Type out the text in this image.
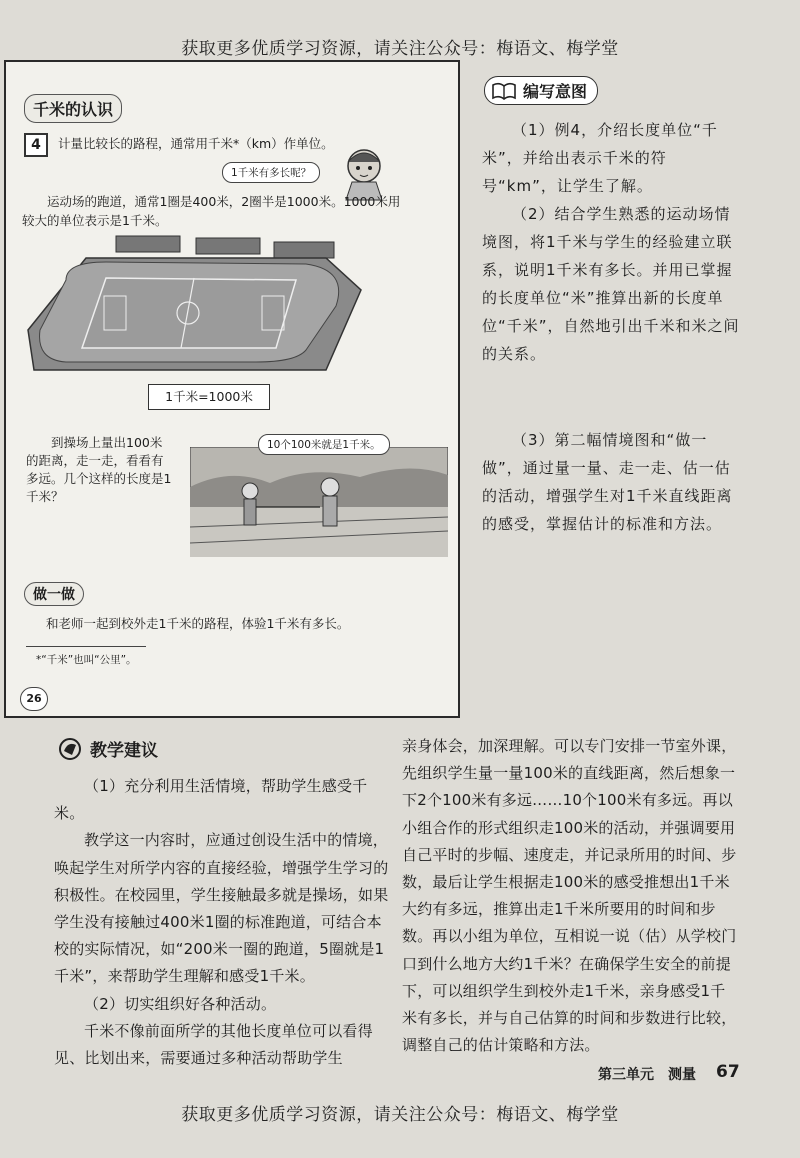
获取更多优质学习资源，请关注公众号：梅语文、梅学堂
千米的认识
4	计量比较长的路程，通常用千米*（km）作单位。
1千米有多长呢？
运动场的跑道，通常1圈是400米，2圈半是1000米。1000米用较大的单位表示是1千米。
1千米=1000米
到操场上量出100米的距离，走一走，看看有多远。几个这样的长度是1千米？
10个100米就是1千米。
做一做
和老师一起到校外走1千米的路程，体验1千米有多长。
*“千米”也叫“公里”。
26
编写意图

（1）例4，介绍长度单位“千米”，并给出表示千米的符号“km”，让学生了解。

（2）结合学生熟悉的运动场情境图，将1千米与学生的经验建立联系，说明1千米有多长。并用已掌握的长度单位“米”推算出新的长度单位“千米”，自然地引出千米和米之间的关系。

（3）第二幅情境图和“做一做”，通过量一量、走一走、估一估的活动，增强学生对1千米直线距离的感受，掌握估计的标准和方法。

教学建议

（1）充分利用生活情境，帮助学生感受千米。

教学这一内容时，应通过创设生活中的情境，唤起学生对所学内容的直接经验，增强学生学习的积极性。在校园里，学生接触最多就是操场，如果学生没有接触过400米1圈的标准跑道，可结合本校的实际情况，如“200米一圈的跑道，5圈就是1千米”，来帮助学生理解和感受1千米。

（2）切实组织好各种活动。

千米不像前面所学的其他长度单位可以看得见、比划出来，需要通过多种活动帮助学生

亲身体会，加深理解。可以专门安排一节室外课，先组织学生量一量100米的直线距离，然后想象一下2个100米有多远……10个100米有多远。再以小组合作的形式组织走100米的活动，并强调要用自己平时的步幅、速度走，并记录所用的时间、步数，最后让学生根据走100米的感受推想出1千米大约有多远，推算出走1千米所要用的时间和步数。再以小组为单位，互相说一说（估）从学校门口到什么地方大约1千米？在确保学生安全的前提下，可以组织学生到校外走1千米，亲身感受1千米有多长，并与自己估算的时间和步数进行比较，调整自己的估计策略和方法。

第三单元　测量 67
获取更多优质学习资源，请关注公众号：梅语文、梅学堂
